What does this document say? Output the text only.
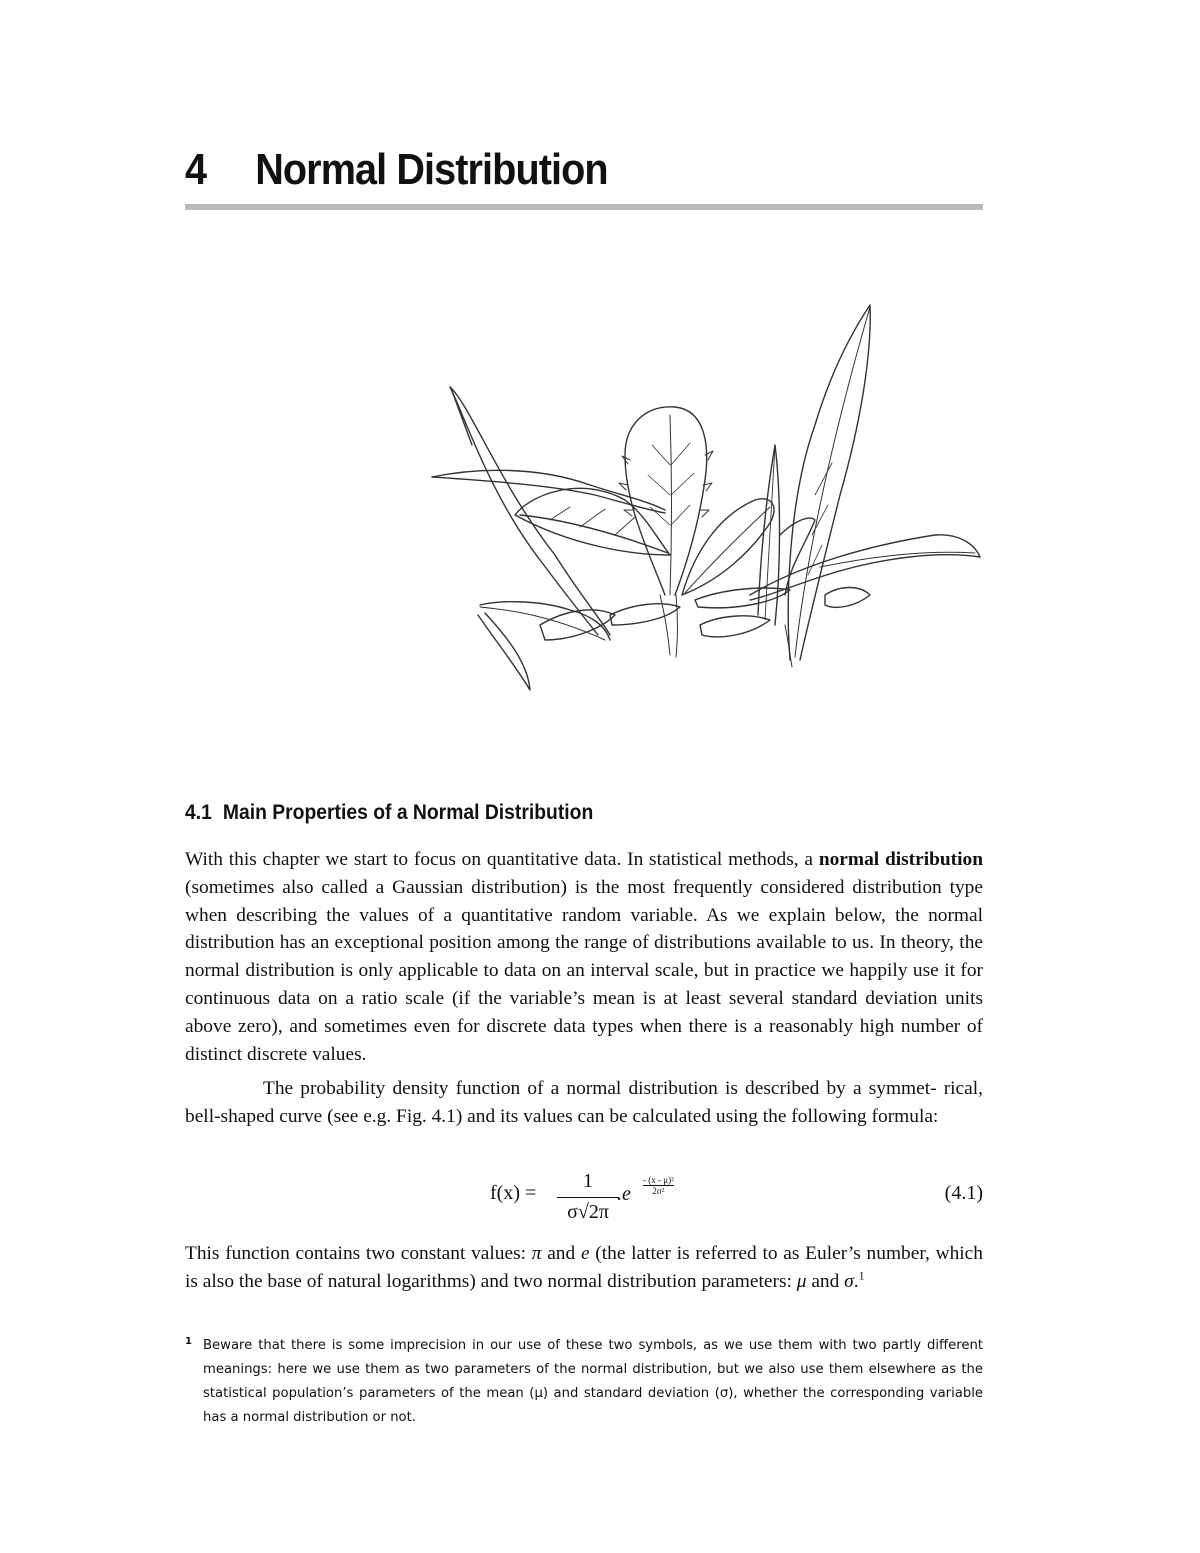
4 Normal Distribution
4.1 Main Properties of a Normal Distribution

With this chapter we start to focus on quantitative data. In statistical methods, a normal distribution (sometimes also called a Gaussian distribution) is the most frequently considered distribution type when describing the values of a quantitative random variable. As we explain below, the normal distribution has an exceptional position among the range of distributions available to us. In theory, the normal distribution is only applicable to data on an interval scale, but in practice we happily use it for continuous data on a ratio scale (if the variable’s mean is at least several standard deviation units above zero), and sometimes even for discrete data types when there is a reasonably high number of distinct discrete values.

The probability density function of a normal distribution is described by a symmet- rical, bell-shaped curve (see e.g. Fig. 4.1) and its values can be calculated using the following formula:

f(x) =
1
σ√2π
.e
- (x - μ)²
2σ²	(4.1)

This function contains two constant values: π and e (the latter is referred to as Euler’s number, which is also the base of natural logarithms) and two normal distribution parameters: μ and σ.$^1$

1 Beware that there is some imprecision in our use of these two symbols, as we use them with two partly different meanings: here we use them as two parameters of the normal distribution, but we also use them elsewhere as the statistical population’s parameters of the mean (μ) and standard deviation (σ), whether the corresponding variable has a normal distribution or not.
